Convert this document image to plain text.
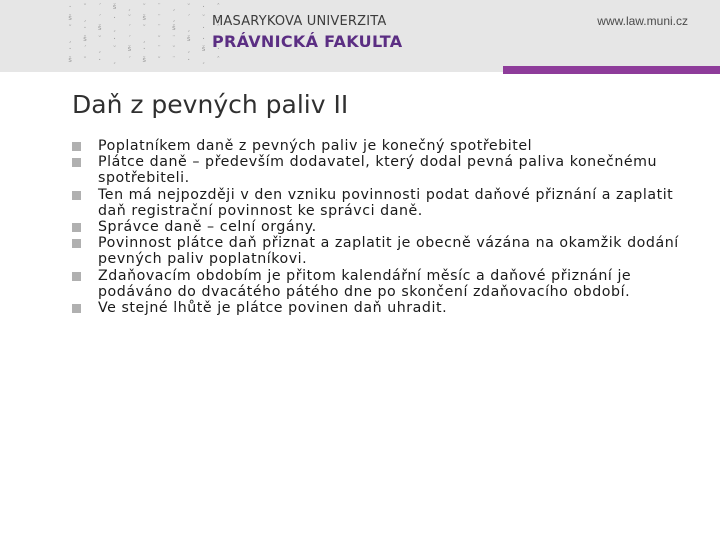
· ˘ ´ š ¸ ˘ ¨ ¸ ˘ · ˆ
š ¸ ´ · ˘ š ¨ ¸ ´ ˘ ·
˘ · š ¸ ´ ˘ ¨ š ¸ · ˆ
¸ š ˘ · ´ ¸ ˘ ¨ š · ˘
· ´ ¸ ˘ š · ¨ ˘ ¸ š ·
š ˘ · ¸ ´ š ˘ ¨ · ¸ ˆ
MASARYKOVA UNIVERZITA
PRÁVNICKÁ FAKULTA
www.law.muni.cz
Daň z pevných paliv II
Poplatníkem daně z pevných paliv je konečný spotřebitel
Plátce daně – především dodavatel, který dodal pevná paliva konečnému spotřebiteli.
Ten má nejpozději v den vzniku povinnosti podat daňové přiznání a zaplatit daň registrační povinnost ke správci daně.
Správce daně – celní orgány.
Povinnost plátce daň přiznat a zaplatit je obecně vázána na okamžik dodání pevných paliv poplatníkovi.
Zdaňovacím obdobím je přitom kalendářní měsíc a daňové přiznání je podáváno do dvacátého pátého dne po skončení zdaňovacího období.
Ve stejné lhůtě je plátce povinen daň uhradit.
